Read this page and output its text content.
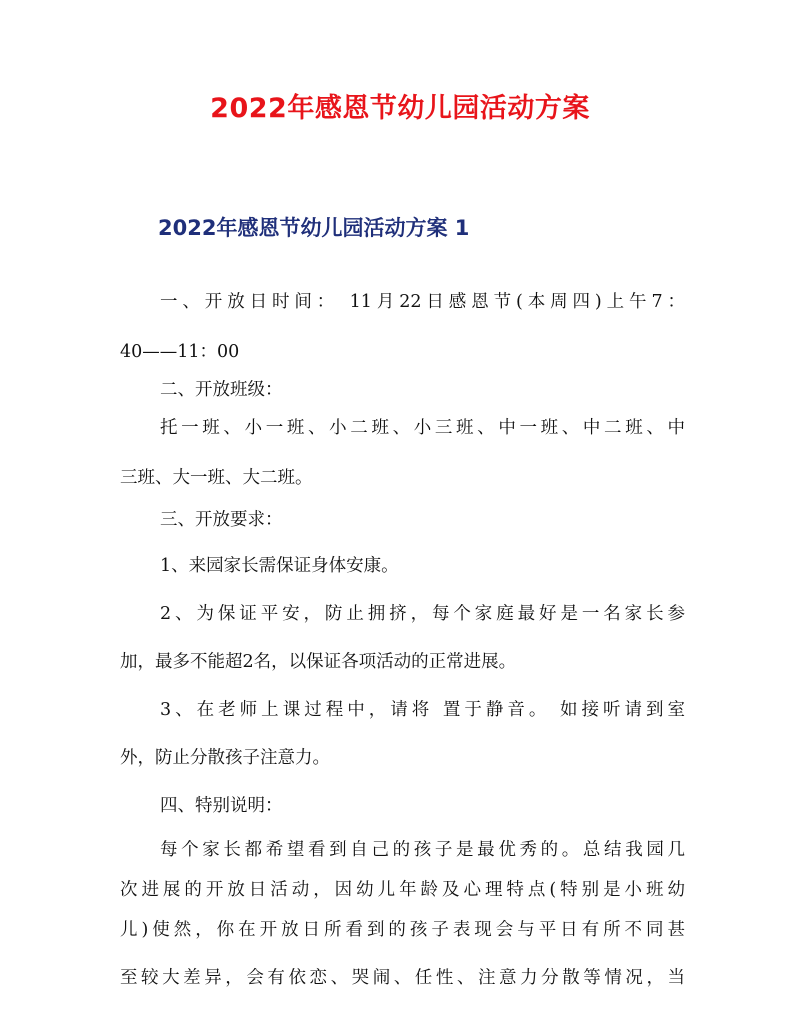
2022年感恩节幼儿园活动方案
2022年感恩节幼儿园活动方案 1
一、开放日时间： 11月22日感恩节(本周四)上午7：
40——11：00
二、开放班级：
托一班、小一班、小二班、小三班、中一班、中二班、中
三班、大一班、大二班。
三、开放要求：
1、来园家长需保证身体安康。
2、为保证平安，防止拥挤，每个家庭最好是一名家长参
加，最多不能超2名，以保证各项活动的正常进展。
3、在老师上课过程中，请将 置于静音。 如接听请到室
外，防止分散孩子注意力。
四、特别说明：
每个家长都希望看到自己的孩子是最优秀的。总结我园几
次进展的开放日活动，因幼儿年龄及心理特点(特别是小班幼
儿)使然，你在开放日所看到的孩子表现会与平日有所不同甚
至较大差异，会有依恋、哭闹、任性、注意力分散等情况，当
